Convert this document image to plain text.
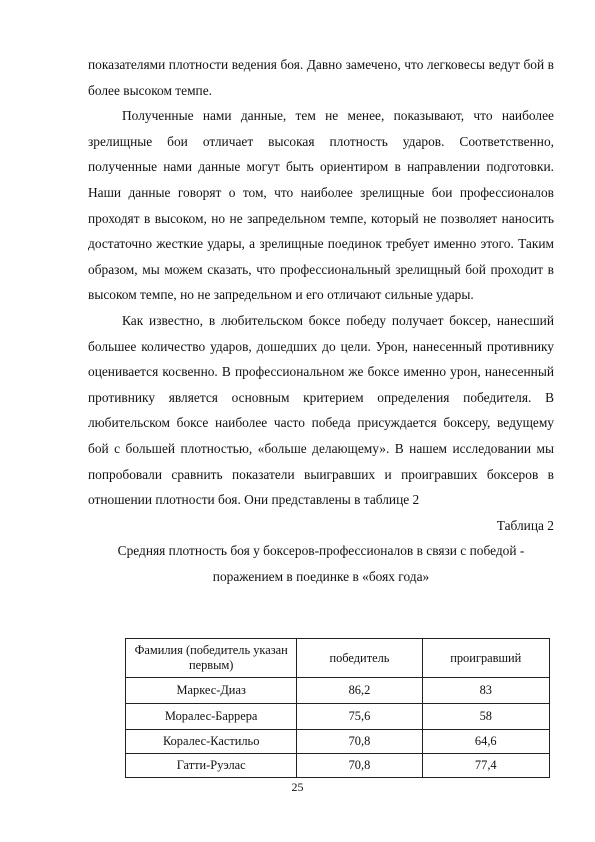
показателями плотности ведения боя. Давно замечено, что легковесы ведут бой в более высоком темпе.

Полученные нами данные, тем не менее, показывают, что наиболее зрелищные бои отличает высокая плотность ударов. Соответственно, полученные нами данные могут быть ориентиром в направлении подготовки. Наши данные говорят о том, что наиболее зрелищные бои профессионалов проходят в высоком, но не запредельном темпе, который не позволяет наносить достаточно жесткие удары, а зрелищные поединок требует именно этого. Таким образом, мы можем сказать, что профессиональный зрелищный бой проходит в высоком темпе, но не запредельном и его отличают сильные удары.

Как известно, в любительском боксе победу получает боксер, нанесший большее количество ударов, дошедших до цели. Урон, нанесенный противнику оценивается косвенно. В профессиональном же боксе именно урон, нанесенный противнику является основным критерием определения победителя. В любительском боксе наиболее часто победа присуждается боксеру, ведущему бой с большей плотностью, «больше делающему». В нашем исследовании мы попробовали сравнить показатели выигравших и проигравших боксеров в отношении плотности боя. Они представлены в таблице 2

Таблица 2

Средняя плотность боя у боксеров-профессионалов в связи с победой - поражением в поединке в «боях года»

Фамилия (победитель указан первым)	победитель	проигравший
Маркес-Диаз	86,2	83
Моралес-Баррера	75,6	58
Коралес-Кастильо	70,8	64,6
Гатти-Руэлас	70,8	77,4
25
